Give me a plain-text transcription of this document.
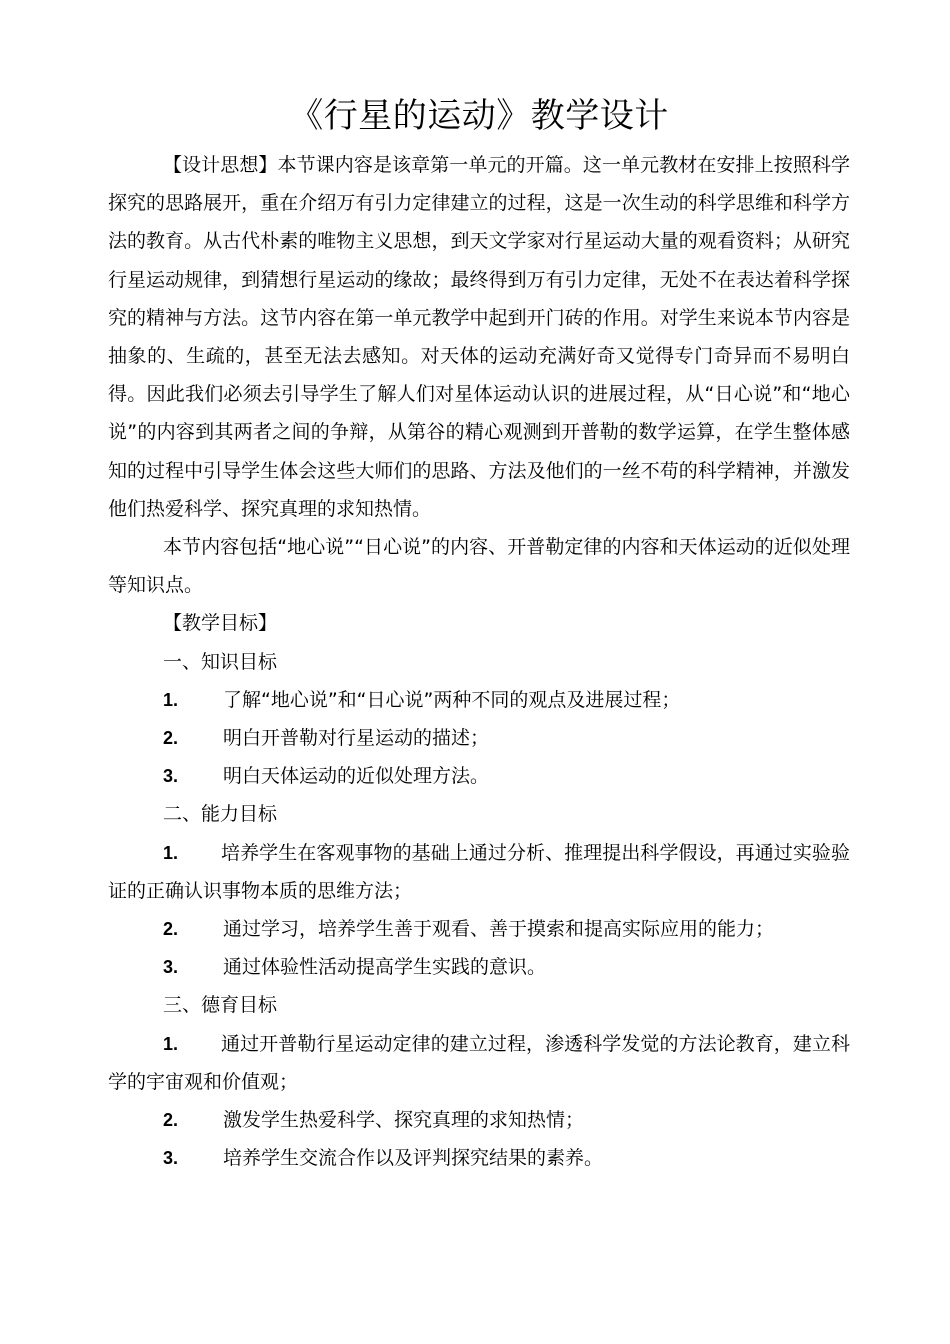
《行星的运动》教学设计

【设计思想】本节课内容是该章第一单元的开篇。这一单元教材在安排上按照科学探究的思路展开，重在介绍万有引力定律建立的过程，这是一次生动的科学思维和科学方法的教育。从古代朴素的唯物主义思想，到天文学家对行星运动大量的观看资料；从研究行星运动规律，到猜想行星运动的缘故；最终得到万有引力定律，无处不在表达着科学探究的精神与方法。这节内容在第一单元教学中起到开门砖的作用。对学生来说本节内容是抽象的、生疏的，甚至无法去感知。对天体的运动充满好奇又觉得专门奇异而不易明白得。因此我们必须去引导学生了解人们对星体运动认识的进展过程，从“日心说”和“地心说”的内容到其两者之间的争辩，从第谷的精心观测到开普勒的数学运算，在学生整体感知的过程中引导学生体会这些大师们的思路、方法及他们的一丝不苟的科学精神，并激发他们热爱科学、探究真理的求知热情。

本节内容包括“地心说”“日心说”的内容、开普勒定律的内容和天体运动的近似处理等知识点。

【教学目标】

一、知识目标

1. 了解“地心说”和“日心说”两种不同的观点及进展过程；

2. 明白开普勒对行星运动的描述；

3. 明白天体运动的近似处理方法。

二、能力目标

1. 培养学生在客观事物的基础上通过分析、推理提出科学假设，再通过实验验证的正确认识事物本质的思维方法；

2. 通过学习，培养学生善于观看、善于摸索和提高实际应用的能力；

3. 通过体验性活动提高学生实践的意识。

三、德育目标

1. 通过开普勒行星运动定律的建立过程，渗透科学发觉的方法论教育，建立科学的宇宙观和价值观；

2. 激发学生热爱科学、探究真理的求知热情；

3. 培养学生交流合作以及评判探究结果的素养。
